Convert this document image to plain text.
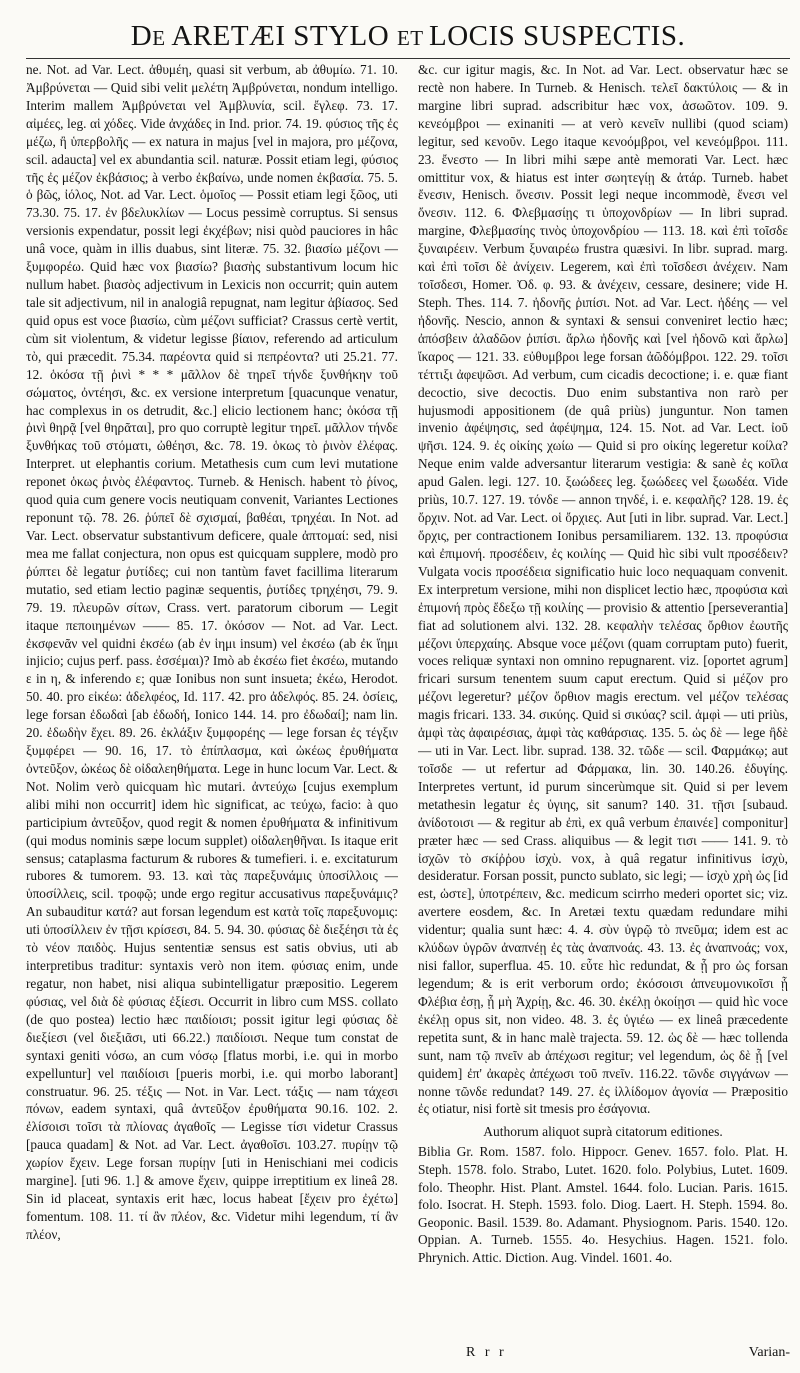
DE ARETÆI STYLO ET LOCIS SUSPECTIS.

ne. Not. ad Var. Lect. ἀθυμέη, quasi sit verbum, ab ἀθυμίω. 71. 10. Ἀμβρύνεται — Quid sibi velit μελέτη Ἀμβρύνεται, nondum intelligo. Interim mallem Ἀμβρύνεται vel Ἀμβλυνία, scil. ἔγλεφ. 73. 17. αἰμέες, leg. αἱ χόδες. Vide ἀνχάδες in Ind. prior. 74. 19. φύσιος τῆς ἐς μέζω, ἢ ὑπερβολῆς — ex natura in majus [vel in majora, pro μέζονα, scil. adaucta] vel ex abundantia scil. naturæ. Possit etiam legi, φύσιος τῆς ἐς μέζον ἐκβάσιος; à verbo ἐκβαίνω, unde nomen ἐκβασία. 75. 5. ὁ βῶς, ἰόλος, Not. ad Var. Lect. ὁμοῖος — Possit etiam legi ξῶος, uti 73.30. 75. 17. ἐν βδελυκλίων — Locus pessimè corruptus. Si sensus versionis expendatur, possit legi ἐκχέβων; nisi quòd pauciores in hâc unâ voce, quàm in illis duabus, sint literæ. 75. 32. βιασίω μέζονι — ξυμφορέω. Quid hæc vox βιασίω? βιασὴς substantivum locum hic nullum habet. βιασὸς adjectivum in Lexicis non occurrit; quin autem tale sit adjectivum, nil in analogiâ repugnat, nam legitur ἀβίασος. Sed quid opus est voce βιασίω, cùm μέζονι sufficiat? Crassus certè vertit, cùm sit violentum, & videtur legisse βίαιον, referendo ad articulum τὸ, qui præcedit. 75.34. παρέοντα quid si πεπρέοντα? uti 25.21. 77. 12. ὁκόσα τῇ ῥινὶ * * * μᾶλλον δὲ τηρεῖ τήνδε ξυνθήκην τοῦ σώματος, ὀντέησι, &c. ex versione interpretum [quacunque venatur, hac complexus in os detrudit, &c.] elicio lectionem hanc; ὁκόσα τῇ ῥινὶ θηρᾷ [vel θηρᾶται], pro quo corruptè legitur τηρεῖ. μᾶλλον τήνδε ξυνθήκας τοῦ στόματι, ὠθέησι, &c. 78. 19. ὁκως τὸ ῥινὸν ἐλέφας. Interpret. ut elephantis corium. Metathesis cum cum levi mutatione reponet ὁκως ῥινὸς ἐλέφαντος. Turneb. & Henisch. habent τὸ ῥίνος, quod quia cum genere vocis neutiquam convenit, Variantes Lectiones reponunt τῷ. 78. 26. ῥύπεῖ δὲ σχισμαί, βαθέαι, τρηχέαι. In Not. ad Var. Lect. observatur substantivum deficere, quale ἀπτομαί: sed, nisi mea me fallat conjectura, non opus est quicquam supplere, modò pro ῥύπτει δὲ legatur ῥυτίδες; cui non tantùm favet facillima literarum mutatio, sed etiam lectio paginæ sequentis, ῥυτίδες τρηχέησι, 79. 9. 79. 19. πλευρῶν σίτων, Crass. vert. paratorum ciborum — Legit itaque πεποιημένων —— 85. 17. ὀκόσον — Not. ad Var. Lect. ἐκσφενᾶν vel quidni ἐκσέω (ab ἐν ἱημι insum) vel ἐκσέω (ab ἐκ ἵημι injicio; cujus perf. pass. ἐσσέμαι)? Imò ab ἐκσέω fiet ἐκσέω, mutando ε in η, & inferendo ε; quæ Ionibus non sunt insueta; ἐκέω, Herodot. 50. 40. pro εἰκέω: ἀδελφέος, Id. 117. 42. pro ἀδελφός. 85. 24. ὀσίεις, lege forsan ἐδωδαὶ [ab ἐδωδή, Ionico 144. 14. pro ἐδωδαί]; nam lin. 20. ἐδωδὴν ἔχει. 89. 26. ἐκλάξιν ξυμφορέης — lege forsan ἐς τέγξιν ξυμφέρει — 90. 16, 17. τὸ ἐπίπλασμα, καὶ ὠκέως ἐρυθήματα ὀντεῦξον, ὠκέως δὲ οἰδαλεηθήματα. Lege in hunc locum Var. Lect. & Not. Nolim verò quicquam hìc mutari. ἀντεύχω [cujus exemplum alibi mihi non occurrit] idem hìc significat, ac τεύχω, facio: à quo participium ἀντεῦξον, quod regit & nomen ἐρυθήματα & infinitivum (qui modus nominis sæpe locum supplet) οἰδαλεηθῆναι. Is itaque erit sensus; cataplasma facturum & rubores & tumefieri. i. e. excitaturum rubores & tumorem. 93. 13. καὶ τὰς παρεξυνάμις ὑποσίλλοις — ὑποσίλλεις, scil. τροφῷ; unde ergo regitur accusativus παρεξυνάμις? An subauditur κατά? aut forsan legendum est κατὰ τοῖς παρεξυνομις: uti ὑποσίλλειν ἐν τῇσι κρίσεσι, 84. 5. 94. 30. φύσιας δὲ διεξέησι τὰ ἐς τὸ νέον παιδὸς. Hujus sententiæ sensus est satis obvius, uti ab interpretibus traditur: syntaxis verò non item. φύσιας enim, unde regatur, non habet, nisi aliqua subintelligatur præpositio. Legerem φύσιας, vel διὰ δὲ φύσιας ἐξίεσι. Occurrit in libro cum MSS. collato (de quo postea) lectio hæc παιδίοισι; possit igitur legi φύσιας δὲ διεξίεσι (vel διεξιᾶσι, uti 66.22.) παιδίοισι. Neque tum constat de syntaxi geniti νόσω, an cum νόσῳ [flatus morbi, i.e. qui in morbo expelluntur] vel παιδίοισι [pueris morbi, i.e. qui morbo laborant] construatur. 96. 25. τέξις — Not. in Var. Lect. τάξις — nam τάχεσι πόνων, eadem syntaxi, quâ ἀντεῦξον ἐρυθήματα 90.16. 102. 2. ἐλίσοισι τοῖσι τὰ πλίονας ἀγαθοῖς — Legisse τίσι videtur Crassus [pauca quadam] & Not. ad Var. Lect. ἀγαθοῖσι. 103.27. πυρίῃν τῷ χωρίον ἔχειν. Lege forsan πυρίῃν [uti in Henischiani mei codicis margine]. [uti 96. 1.] & amove ἔχειν, quippe irreptitium ex lineâ 28. Sin id placeat, syntaxis erit hæc, locus habeat [ἔχειν pro ἐχέτω] fomentum. 108. 11. τί ἂν πλέον, &c. Videtur mihi legendum, τί ἂν πλέον,

&c. cur igitur magis, &c. In Not. ad Var. Lect. observatur hæc se rectè non habere. In Turneb. & Henisch. τελεῖ δακτύλοις — & in margine libri suprad. adscribitur hæc vox, ἀσωῶτον. 109. 9. κενεόμβροι — exinaniti — at verò κενεῖν nullibi (quod sciam) legitur, sed κενοῦν. Lego itaque κενοόμβροι, vel κενεόμβροι. 111. 23. ἔνεστο — In libri mihi sæpe antè memorati Var. Lect. hæc omittitur vox, & hiatus est inter σωητεγίῃ & ἀτάρ. Turneb. habet ἔνεσιν, Henisch. ὄνεσιν. Possit legi neque incommodè, ἔνεσι vel ὄνεσιν. 112. 6. Φλεβμασίῃς τι ὑποχονδρίων — In libri suprad. margine, Φλεβμασίης τινὸς ὑποχονδρίου — 113. 18. καὶ ἐπὶ τοῖσδε ξυναιρέειν. Verbum ξυναιρέω frustra quæsivi. In libr. suprad. marg. καὶ ἐπὶ τοῖσι δὲ ἀνίχειν. Legerem, καὶ ἐπὶ τοῖσδεσι ἀνέχειν. Nam τοῖσδεσι, Homer. Ὀδ. φ. 93. & ἀνέχειν, cessare, desinere; vide H. Steph. Thes. 114. 7. ἠδονῆς ῥιπίσι. Not. ad Var. Lect. ἠδέης — vel ἠδονῆς. Nescio, annon & syntaxi & sensui conveniret lectio hæc; ἀπόσβειν ἀλαδῶον ῥιπίσι. ἄρλω ἠδονῆς καὶ [vel ἠδονῶ καὶ ἄρλω] ἴκαρος — 121. 33. εὐθυμβροι lege forsan ἀῶδόμβροι. 122. 29. τοῖσι τέττιξι ἀφεψῶσι. Ad verbum, cum cicadis decoctione; i. e. quæ fiant decoctio, sive decoctis. Duo enim substantiva non rarò per hujusmodi appositionem (de quâ priùs) junguntur. Non tamen invenio ἀφέψησις, sed ἀφέψημα, 124. 15. Not. ad Var. Lect. ἰοῦ ψῆσι. 124. 9. ἐς οἰκίης χωίω — Quid si pro οἰκίης legeretur κοίλα? Neque enim valde adversantur literarum vestigia: & sanè ἐς κοῖλα apud Galen. legi. 127. 10. ξωώδεες leg. ξωώδεες vel ξωωδέα. Vide priùs, 10.7. 127. 19. τόνδε — annon τηνδέ, i. e. κεφαλῆς? 128. 19. ἐς ὄρχιν. Not. ad Var. Lect. οἱ ὄρχιες. Aut [uti in libr. suprad. Var. Lect.] ὄρχις, per contractionem Ionibus persamiliarem. 132. 13. προφύσια καὶ ἐπιμονή. προσέδειν, ἐς κοιλίης — Quid hìc sibi vult προσέδειν? Vulgata vocis προσέδεια significatio huic loco nequaquam convenit. Ex interpretum versione, mihi non displicet lectio hæc, προφύσια καὶ ἐπιμονή πρὸς ἔδεξω τῇ κοιλίης — provisio & attentio [perseverantia] fiat ad solutionem alvi. 132. 28. κεφαλὴν τελέσας ὄρθιον ἐωυτῆς μέζονι ὑπερχαίης. Absque voce μέζονι (quam corruptam puto) fuerit, voces reliquæ syntaxi non omnino repugnarent. viz. [oportet agrum] fricari sursum tenentem suum caput erectum. Quid si μέζον pro μέζονι legeretur? μέζον ὄρθιον magis erectum. vel μέζον τελέσας magis fricari. 133. 34. σικύης. Quid si σικύας? scil. ἀμφὶ — uti priùs, ἀμφὶ τὰς ἀφαιρέσιας, ἀμφὶ τὰς καθάρσιας. 135. 5. ὡς δὲ — lege ἢδὲ — uti in Var. Lect. libr. suprad. 138. 32. τῶδε — scil. Φαρμάκῳ; aut τοῖσδε — ut refertur ad Φάρμακα, lin. 30. 140.26. ἐδυγίης. Interpretes vertunt, id purum sincerùmque sit. Quid si per levem metathesin legatur ἐς ὑγιης, sit sanum? 140. 31. τῇσι [subaud. ἀνίδοτοισι — & regitur ab ἐπὶ, ex quâ verbum ἐπαινέε] componitur] præter hæc — sed Crass. aliquibus — & legit τισι —— 141. 9. τὸ ἰσχῶν τὸ σκίῤῥου ἰσχὺ. vox, à quâ regatur infinitivus ἰσχὺ, desideratur. Forsan possit, puncto sublato, sic legi; — ἰσχὺ χρὴ ὡς [id est, ὡστε], ὑποτρέπειν, &c. medicum scirrho mederi oportet sic; viz. avertere eosdem, &c. In Aretæi textu quædam redundare mihi videntur; qualia sunt hæc: 4. 4. σὺν ὑγρῷ τὸ πνεῦμα; idem est ac κλύδων ὑγρῶν ἀναπνέῃ ἐς τὰς ἀναπνοάς. 43. 13. ἐς ἀναπνοάς; vox, nisi fallor, superflua. 45. 10. εὖτε hìc redundat, & ᾗ pro ὡς forsan legendum; & is erit verborum ordo; ἐκόσοισι ἀπνευμονικοῖσι ᾗ Φλέβια ἐσῃ, ᾗ μὴ Ἀχρίῃ, &c. 46. 30. ἐκέλῃ ὁκοίῃσι — quid hìc voce ἐκέλῃ opus sit, non video. 48. 3. ἐς ὑγιέω — ex lineâ præcedente repetita sunt, & in hanc malè trajecta. 59. 12. ὡς δὲ — hæc tollenda sunt, nam τῷ πνεῖν ab ἀπέχωσι regitur; vel legendum, ὡς δὲ ᾗ [vel quidem] ἐπ' ἀκαρὲς ἀπέχωσι τοῦ πνεῖν. 116.22. τῶνδε σιγγάνων — nonne τῶνδε redundat? 149. 27. ἐς ἰλλίδομον ἀγονία — Præpositio ἐς otiatur, nisi fortè sit tmesis pro ἐσάγονια.

Authorum aliquot suprà citatorum editiones.
Biblia Gr. Rom. 1587. folo. Hippocr. Genev. 1657. folo. Plat. H. Steph. 1578. folo. Strabo, Lutet. 1620. folo. Polybius, Lutet. 1609. folo. Theophr. Hist. Plant. Amstel. 1644. folo. Lucian. Paris. 1615. folo. Isocrat. H. Steph. 1593. folo. Diog. Laert. H. Steph. 1594. 8o. Geoponic. Basil. 1539. 8o. Adamant. Physiognom. Paris. 1540. 12o. Oppian. A. Turneb. 1555. 4o. Hesychius. Hagen. 1521. folo. Phrynich. Attic. Diction. Aug. Vindel. 1601. 4o.
R r r	Varian-
